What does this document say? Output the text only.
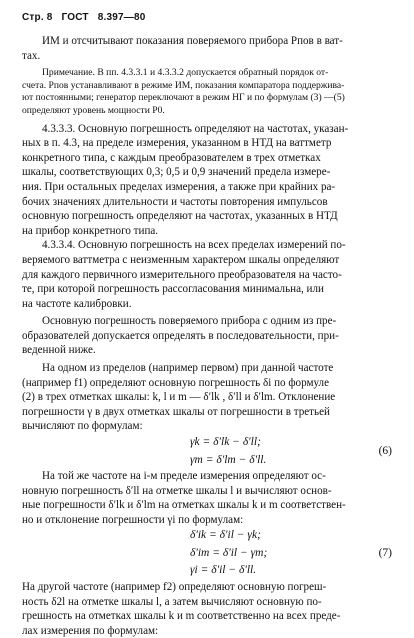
Стр. 8 ГОСТ 8.397—80

ИМ и отсчитывают показания поверяемого прибора Pпов в ват-

тах.

Примечание. В пп. 4.3.3.1 и 4.3.3.2 допускается обратный порядок от-

счета. Pпов устанавливают в режиме ИМ, показания компаратора поддержива-

ют постоянными; генератор переключают в режим НГ и по формулам (3) —(5)

определяют уровень мощности P0.

4.3.3.3. Основную погрешность определяют на частотах, указан-

ных в п. 4.3, на пределе измерения, указанном в НТД на ваттметр

конкретного типа, с каждым преобразователем в трех отметках

шкалы, соответствующих 0,3; 0,5 и 0,9 значений предела измере-

ния. При остальных пределах измерения, а также при крайних ра-

бочих значениях длительности и частоты повторения импульсов

основную погрешность определяют на частотах, указанных в НТД

на прибор конкретного типа.

4.3.3.4. Основную погрешность на всех пределах измерений по-

веряемого ваттметра с неизменным характером шкалы определяют

для каждого первичного измерительного преобразователя на часто-

те, при которой погрешность рассогласования минимальна, или

на частоте калибровки.

Основную погрешность поверяемого прибора с одним из пре-

образователей допускается определять в последовательности, при-

веденной ниже.

На одном из пределов (например первом) при данной частоте

(например f1) определяют основную погрешность δi по формуле

(2) в трех отметках шкалы: k, l и m — δ′lk , δ′ll и δ′lm. Отклонение

погрешности γ в двух отметках шкалы от погрешности в третьей

вычисляют по формулам:

γk = δ′lk − δ′ll;
γm = δ′lm − δ′ll.
(6)

На той же частоте на i-м пределе измерения определяют ос-

новную погрешность δ′ll на отметке шкалы l и вычисляют основ-

ные погрешности δ′lk и δ′lm на отметках шкалы k и m соответствен-

но и отклонение погрешности γi по формулам:

δ′ik = δ′il − γk;
δ′im = δ′il − γm;
γi = δ′il − δ′ll.
(7)

На другой частоте (например f2) определяют основную погреш-

ность δ2l на отметке шкалы l, а затем вычисляют основную по-

грешность на отметках шкалы k и m соответственно на всех преде-

лах измерения по формулам:
